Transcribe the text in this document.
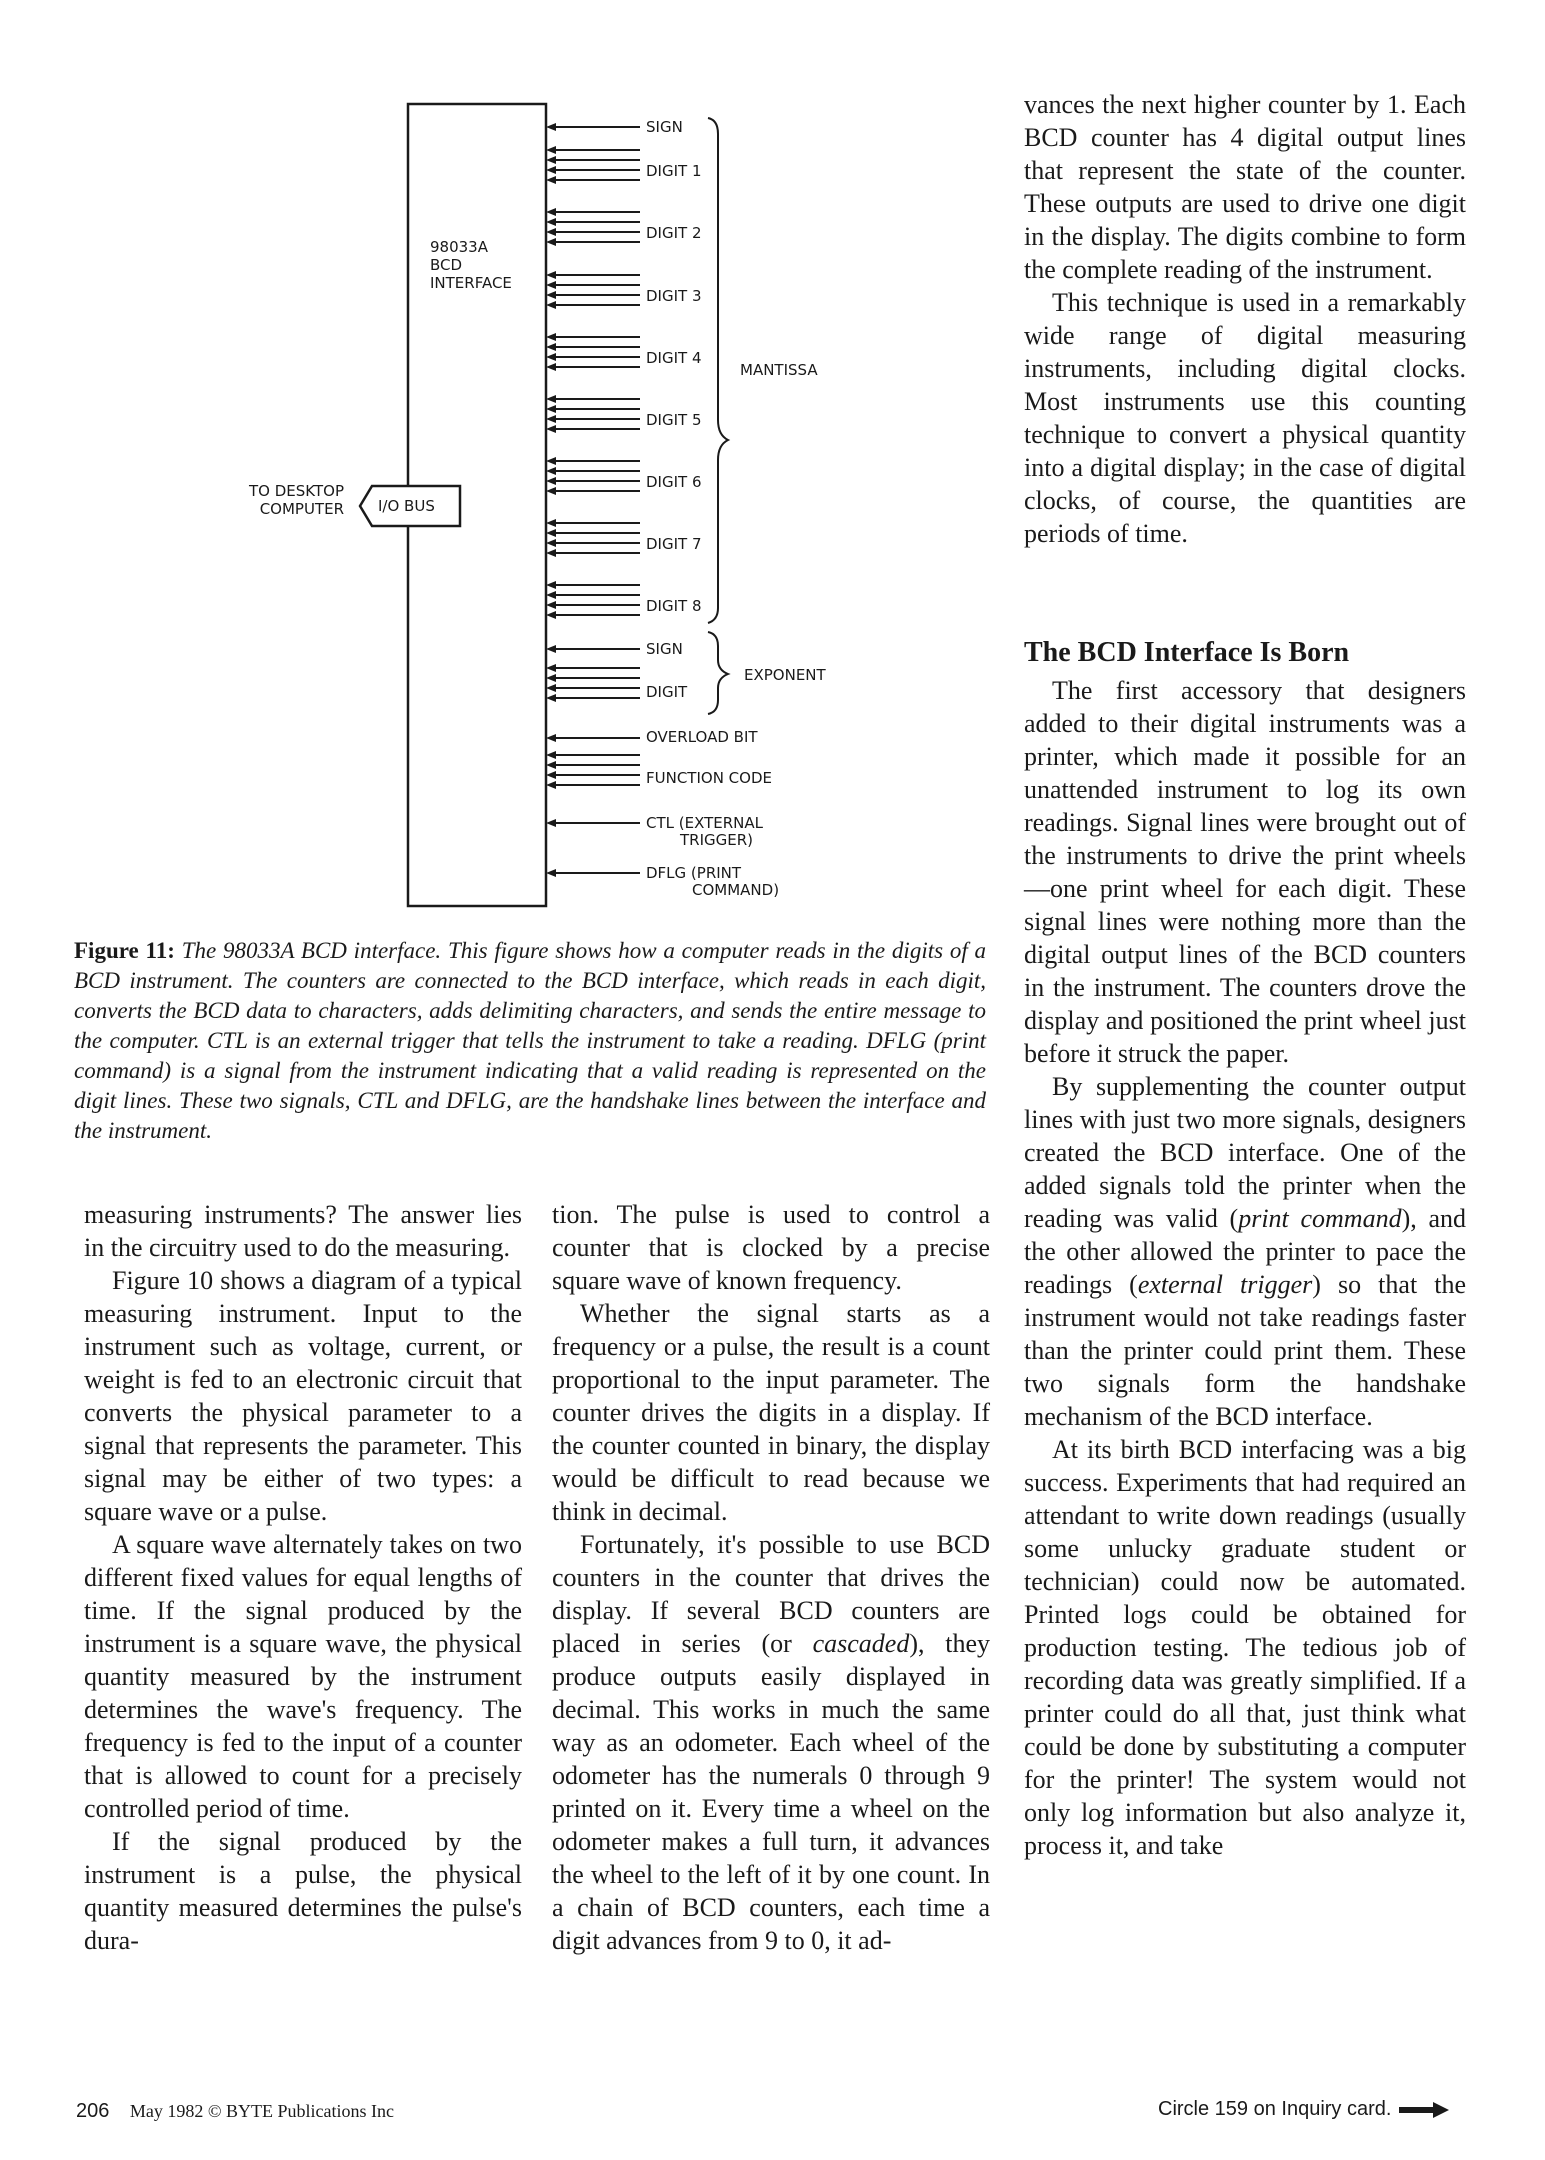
98033A
BCD
INTERFACE
I/O BUS
TO DESKTOP
COMPUTER
SIGN
DIGIT 1
DIGIT 2
DIGIT 3
DIGIT 4
DIGIT 5
DIGIT 6
DIGIT 7
DIGIT 8
SIGN
DIGIT
OVERLOAD BIT
FUNCTION CODE
CTL (EXTERNAL
TRIGGER)
DFLG (PRINT
COMMAND)
MANTISSA
EXPONENT
Figure 11: The 98033A BCD interface. This figure shows how a computer reads in the digits of a BCD instrument. The counters are connected to the BCD interface, which reads in each digit, converts the BCD data to characters, adds delimiting characters, and sends the entire message to the computer. CTL is an external trigger that tells the instrument to take a reading. DFLG (print command) is a signal from the instrument indicating that a valid reading is represented on the digit lines. These two signals, CTL and DFLG, are the handshake lines between the interface and the instrument.

measuring instruments? The answer lies in the circuitry used to do the measuring.

Figure 10 shows a diagram of a typical measuring instrument. Input to the instrument such as voltage, current, or weight is fed to an electronic circuit that converts the physical parameter to a signal that represents the parameter. This signal may be either of two types: a square wave or a pulse.

A square wave alternately takes on two different fixed values for equal lengths of time. If the signal produced by the instrument is a square wave, the physical quantity measured by the instrument determines the wave's frequency. The frequency is fed to the input of a counter that is allowed to count for a precisely controlled period of time.

If the signal produced by the instrument is a pulse, the physical quantity measured determines the pulse's dura-

tion. The pulse is used to control a counter that is clocked by a precise square wave of known frequency.

Whether the signal starts as a frequency or a pulse, the result is a count proportional to the input parameter. The counter drives the digits in a display. If the counter counted in binary, the display would be difficult to read because we think in decimal.

Fortunately, it's possible to use BCD counters in the counter that drives the display. If several BCD counters are placed in series (or cascaded), they produce outputs easily displayed in decimal. This works in much the same way as an odometer. Each wheel of the odometer has the numerals 0 through 9 printed on it. Every time a wheel on the odometer makes a full turn, it advances the wheel to the left of it by one count. In a chain of BCD counters, each time a digit advances from 9 to 0, it ad-

vances the next higher counter by 1. Each BCD counter has 4 digital output lines that represent the state of the counter. These outputs are used to drive one digit in the display. The digits combine to form the complete reading of the instrument.

This technique is used in a remarkably wide range of digital measuring instruments, including digital clocks. Most instruments use this counting technique to convert a physical quantity into a digital display; in the case of digital clocks, of course, the quantities are periods of time.

The BCD Interface Is Born

The first accessory that designers added to their digital instruments was a printer, which made it possible for an unattended instrument to log its own readings. Signal lines were brought out of the instruments to drive the print wheels—one print wheel for each digit. These signal lines were nothing more than the digital output lines of the BCD counters in the instrument. The counters drove the display and positioned the print wheel just before it struck the paper.

By supplementing the counter output lines with just two more signals, designers created the BCD interface. One of the added signals told the printer when the reading was valid (print command), and the other allowed the printer to pace the readings (external trigger) so that the instrument would not take readings faster than the printer could print them. These two signals form the handshake mechanism of the BCD interface.

At its birth BCD interfacing was a big success. Experiments that had required an attendant to write down readings (usually some unlucky graduate student or technician) could now be automated. Printed logs could be obtained for production testing. The tedious job of recording data was greatly simplified. If a printer could do all that, just think what could be done by substituting a computer for the printer! The system would not only log information but also analyze it, process it, and take

206 May 1982 © BYTE Publications Inc	Circle 159 on Inquiry card.
